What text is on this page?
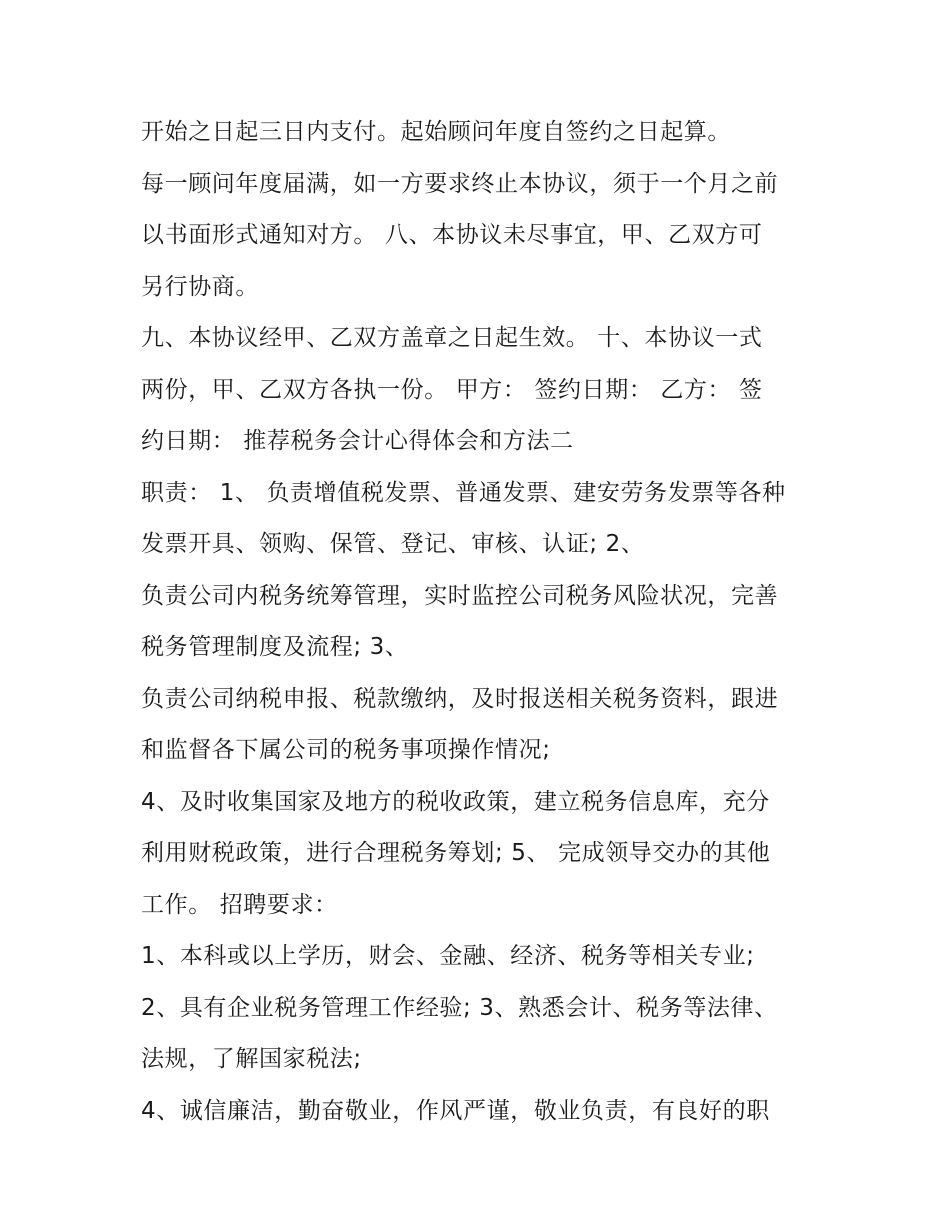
开始之日起三日内支付。起始顾问年度自签约之日起算。
每一顾问年度届满，如一方要求终止本协议，须于一个月之前
以书面形式通知对方。 八、本协议未尽事宜，甲、乙双方可
另行协商。
九、本协议经甲、乙双方盖章之日起生效。 十、本协议一式
两份，甲、乙双方各执一份。 甲方： 签约日期： 乙方： 签
约日期： 推荐税务会计心得体会和方法二
职责： 1、 负责增值税发票、普通发票、建安劳务发票等各种
发票开具、领购、保管、登记、审核、认证; 2、
负责公司内税务统筹管理，实时监控公司税务风险状况，完善
税务管理制度及流程; 3、
负责公司纳税申报、税款缴纳，及时报送相关税务资料，跟进
和监督各下属公司的税务事项操作情况;
4、及时收集国家及地方的税收政策，建立税务信息库，充分
利用财税政策，进行合理税务筹划; 5、 完成领导交办的其他
工作。 招聘要求：
1、本科或以上学历，财会、金融、经济、税务等相关专业;
2、具有企业税务管理工作经验; 3、熟悉会计、税务等法律、
法规，了解国家税法;
4、诚信廉洁，勤奋敬业，作风严谨，敬业负责，有良好的职
